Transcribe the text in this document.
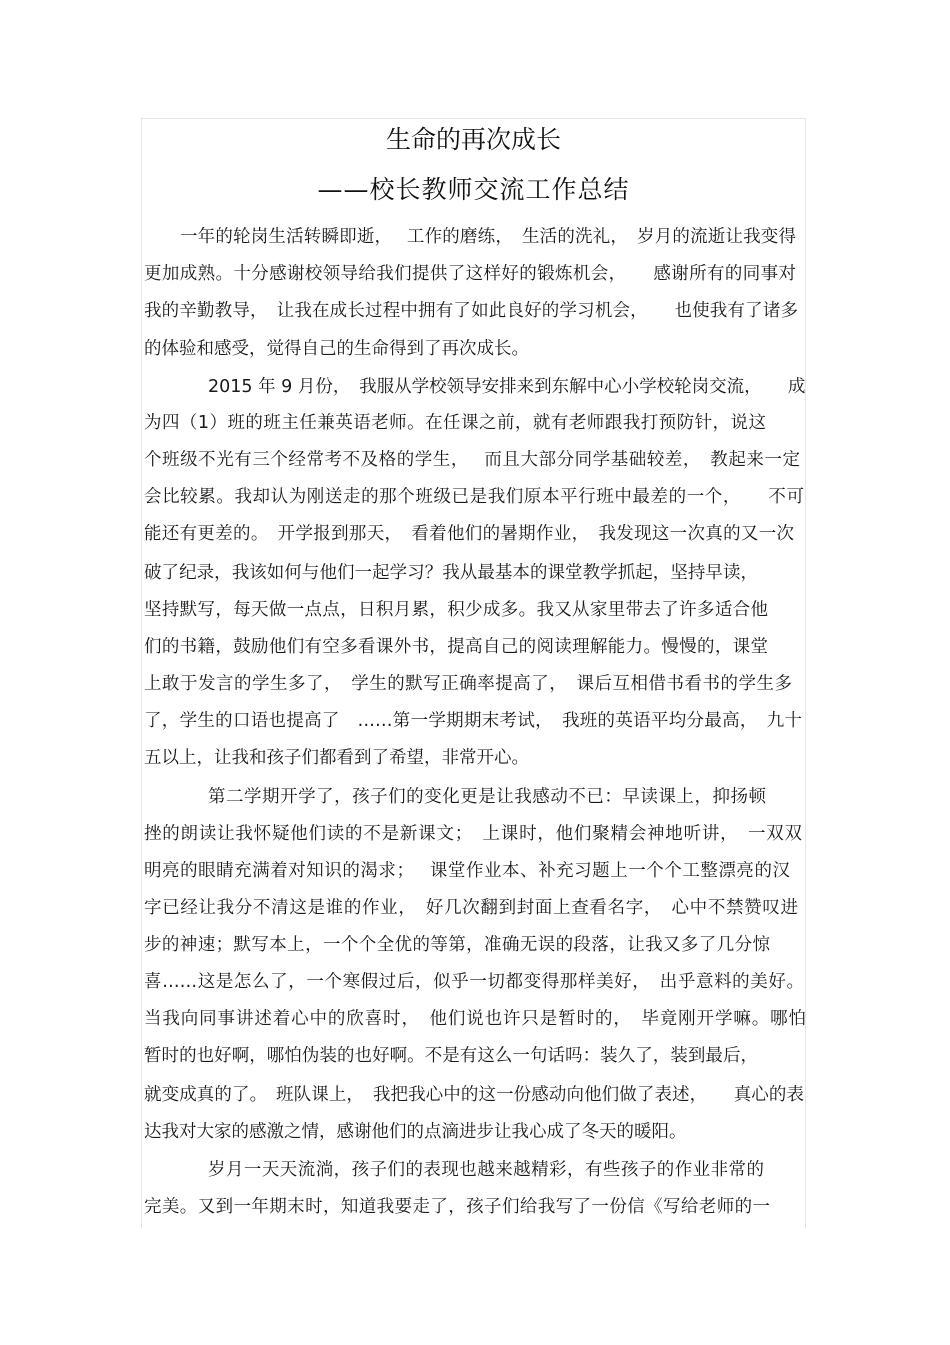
生命的再次成长
——校长教师交流工作总结
一年的轮岗生活转瞬即逝，　 工作的磨练，　生活的洗礼，　岁月的流逝让我变得
更加成熟。十分感谢校领导给我们提供了这样好的锻炼机会，　　感谢所有的同事对
我的辛勤教导，　让我在成长过程中拥有了如此良好的学习机会，　　也使我有了诸多
的体验和感受，觉得自己的生命得到了再次成长。
2015 年 9 月份，　我服从学校领导安排来到东解中心小学校轮岗交流，　　成
为四（1）班的班主任兼英语老师。在任课之前，就有老师跟我打预防针，说这
个班级不光有三个经常考不及格的学生，　 而且大部分同学基础较差，　教起来一定
会比较累。我却认为刚送走的那个班级已是我们原本平行班中最差的一个，　　不可
能还有更差的。　开学报到那天，　看着他们的暑期作业，　我发现这一次真的又一次
破了纪录，我该如何与他们一起学习？我从最基本的课堂教学抓起，坚持早读，
坚持默写，每天做一点点，日积月累，积少成多。我又从家里带去了许多适合他
们的书籍，鼓励他们有空多看课外书，提高自己的阅读理解能力。慢慢的，课堂
上敢于发言的学生多了，　学生的默写正确率提高了，　课后互相借书看书的学生多
了，学生的口语也提高了　……第一学期期末考试，　我班的英语平均分最高，　九十
五以上，让我和孩子们都看到了希望，非常开心。
第二学期开学了，孩子们的变化更是让我感动不已：早读课上，抑扬顿
挫的朗读让我怀疑他们读的不是新课文；　上课时，他们聚精会神地听讲，　一双双
明亮的眼睛充满着对知识的渴求；　 课堂作业本、补充习题上一个个工整漂亮的汉
字已经让我分不清这是谁的作业，　好几次翻到封面上查看名字，　心中不禁赞叹进
步的神速；默写本上，一个个全优的等第，准确无误的段落，让我又多了几分惊
喜……这是怎么了，一个寒假过后，似乎一切都变得那样美好，　出乎意料的美好。
当我向同事讲述着心中的欣喜时，　他们说也许只是暂时的，　毕竟刚开学嘛。哪怕
暂时的也好啊，哪怕伪装的也好啊。不是有这么一句话吗：装久了，装到最后，
就变成真的了。　班队课上，　我把我心中的这一份感动向他们做了表述，　　真心的表
达我对大家的感激之情，感谢他们的点滴进步让我心成了冬天的暖阳。
岁月一天天流淌，孩子们的表现也越来越精彩，有些孩子的作业非常的
完美。又到一年期末时，知道我要走了，孩子们给我写了一份信《写给老师的一
